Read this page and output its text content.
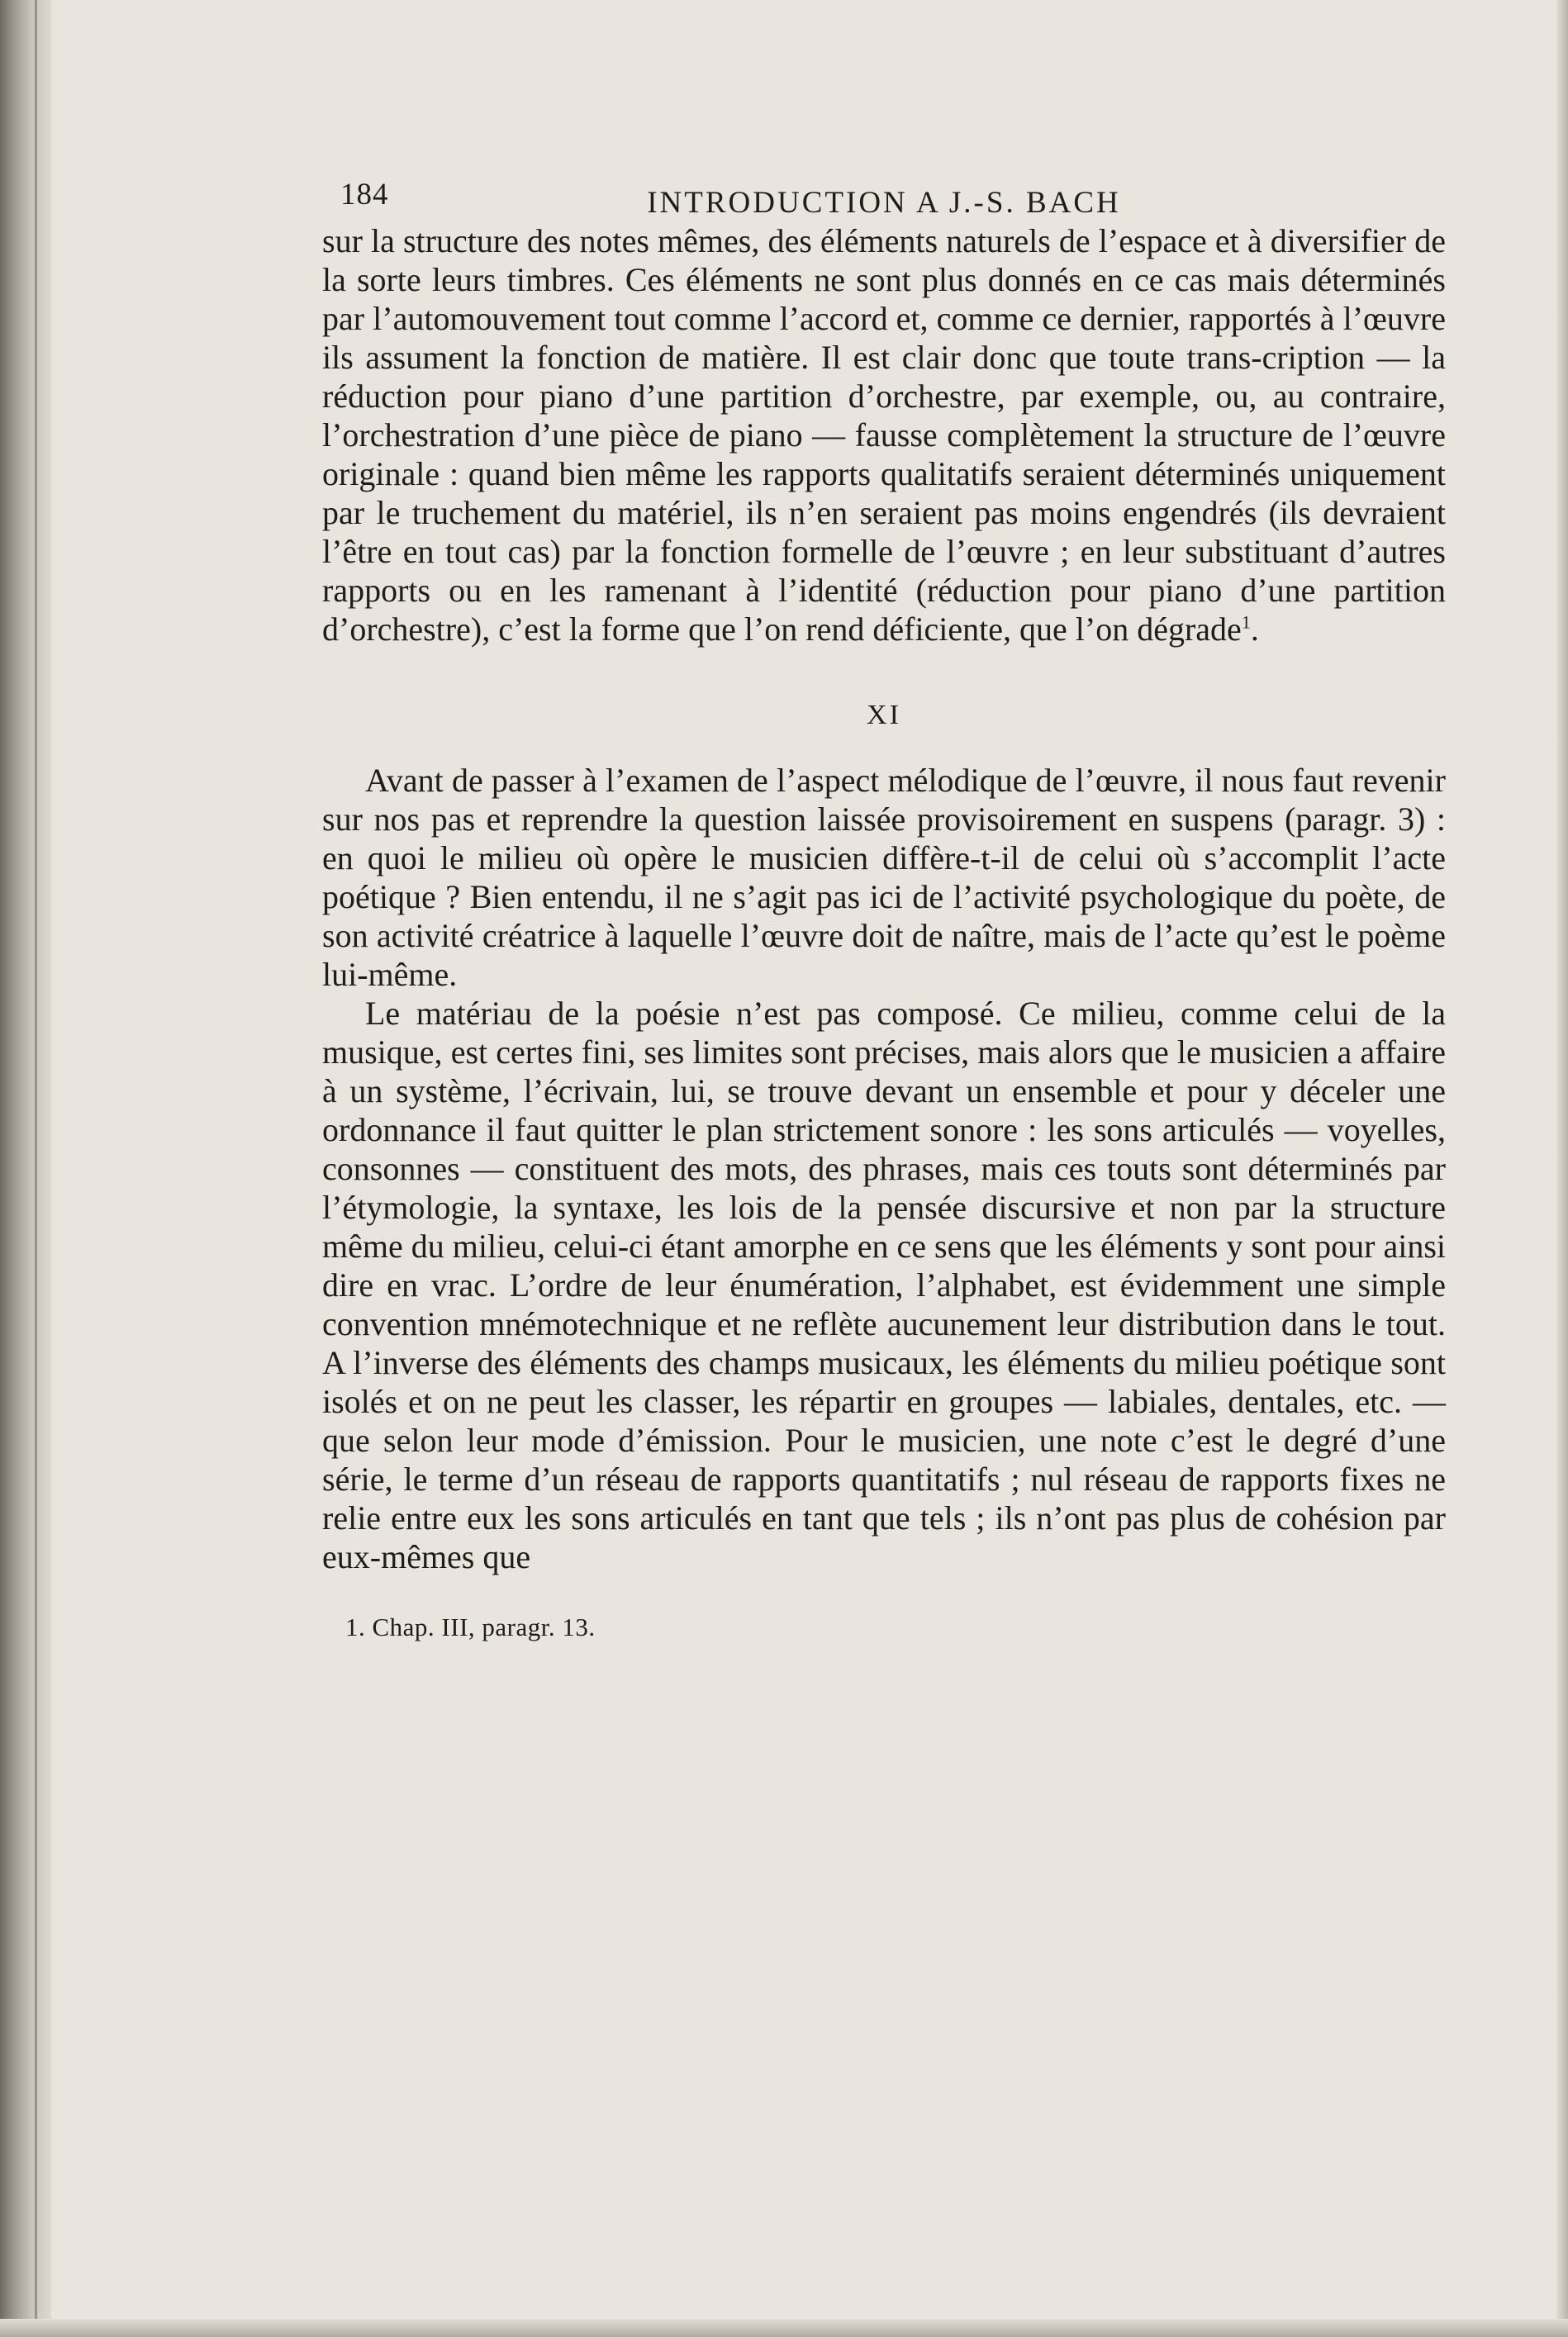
184	INTRODUCTION A J.-S. BACH

sur la structure des notes mêmes, des éléments naturels de l’espace et à diversifier de la sorte leurs timbres. Ces éléments ne sont plus donnés en ce cas mais déterminés par l’automouvement tout comme l’accord et, comme ce dernier, rapportés à l’œuvre ils assument la fonction de matière. Il est clair donc que toute trans-cription — la réduction pour piano d’une partition d’orchestre, par exemple, ou, au contraire, l’orchestration d’une pièce de piano — fausse complètement la structure de l’œuvre originale : quand bien même les rapports qualitatifs seraient déterminés uniquement par le truchement du matériel, ils n’en seraient pas moins engendrés (ils devraient l’être en tout cas) par la fonction formelle de l’œuvre ; en leur substituant d’autres rapports ou en les ramenant à l’identité (réduction pour piano d’une partition d’orchestre), c’est la forme que l’on rend déficiente, que l’on dégrade$^1$.

XI

Avant de passer à l’examen de l’aspect mélodique de l’œuvre, il nous faut revenir sur nos pas et reprendre la question laissée provisoirement en suspens (paragr. 3) : en quoi le milieu où opère le musicien diffère-t-il de celui où s’accomplit l’acte poétique ? Bien entendu, il ne s’agit pas ici de l’activité psychologique du poète, de son activité créatrice à laquelle l’œuvre doit de naître, mais de l’acte qu’est le poème lui-même.

Le matériau de la poésie n’est pas composé. Ce milieu, comme celui de la musique, est certes fini, ses limites sont précises, mais alors que le musicien a affaire à un système, l’écrivain, lui, se trouve devant un ensemble et pour y déceler une ordonnance il faut quitter le plan strictement sonore : les sons articulés — voyelles, consonnes — constituent des mots, des phrases, mais ces touts sont déterminés par l’étymologie, la syntaxe, les lois de la pensée discursive et non par la structure même du milieu, celui-ci étant amorphe en ce sens que les éléments y sont pour ainsi dire en vrac. L’ordre de leur énumération, l’alphabet, est évidemment une simple convention mnémotechnique et ne reflète aucunement leur distribution dans le tout. A l’inverse des éléments des champs musicaux, les éléments du milieu poétique sont isolés et on ne peut les classer, les répartir en groupes — labiales, dentales, etc. — que selon leur mode d’émission. Pour le musicien, une note c’est le degré d’une série, le terme d’un réseau de rapports quantitatifs ; nul réseau de rapports fixes ne relie entre eux les sons articulés en tant que tels ; ils n’ont pas plus de cohésion par eux-mêmes que

1. Chap. III, paragr. 13.
